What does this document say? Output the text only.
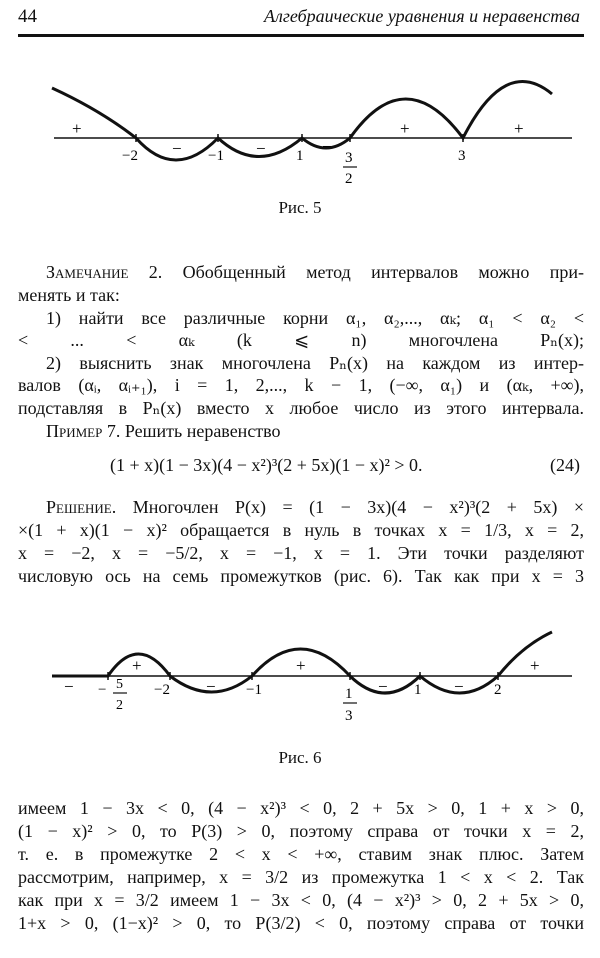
44	Алгебраические уравнения и неравенства
−2	−1	1	3
2
3
+
−	−	−
+	+
Рис. 5
Замечание 2. Обобщенный метод интервалов можно при-
менять и так:
1) найти все различные корни α₁, α₂,..., αₖ; α₁ < α₂ <
< ... < αₖ (k ⩽ n) многочлена Pₙ(x);
2) выяснить знак многочлена Pₙ(x) на каждом из интер-
валов (αᵢ, αᵢ₊₁), i = 1, 2,..., k − 1, (−∞, α₁) и (αₖ, +∞),
подставляя в Pₙ(x) вместо x любое число из этого интервала.
Пример 7. Решить неравенство
(1 + x)(1 − 3x)(4 − x²)³(2 + 5x)(1 − x)² > 0.	(24)
Решение. Многочлен P(x) = (1 − 3x)(4 − x²)³(2 + 5x) ×
×(1 + x)(1 − x)² обращается в нуль в точках x = 1/3, x = 2,
x = −2, x = −5/2, x = −1, x = 1. Эти точки разделяют
числовую ось на семь промежутков (рис. 6). Так как при x = 3
− 5
2
−2	−1	1
3
1	2
−
+
−
+
−	−
+
Рис. 6
имеем 1 − 3x < 0, (4 − x²)³ < 0, 2 + 5x > 0, 1 + x > 0,
(1 − x)² > 0, то P(3) > 0, поэтому справа от точки x = 2,
т. е. в промежутке 2 < x < +∞, ставим знак плюс. Затем
рассмотрим, например, x = 3/2 из промежутка 1 < x < 2. Так
как при x = 3/2 имеем 1 − 3x < 0, (4 − x²)³ > 0, 2 + 5x > 0,
1+x > 0, (1−x)² > 0, то P(3/2) < 0, поэтому справа от точки
